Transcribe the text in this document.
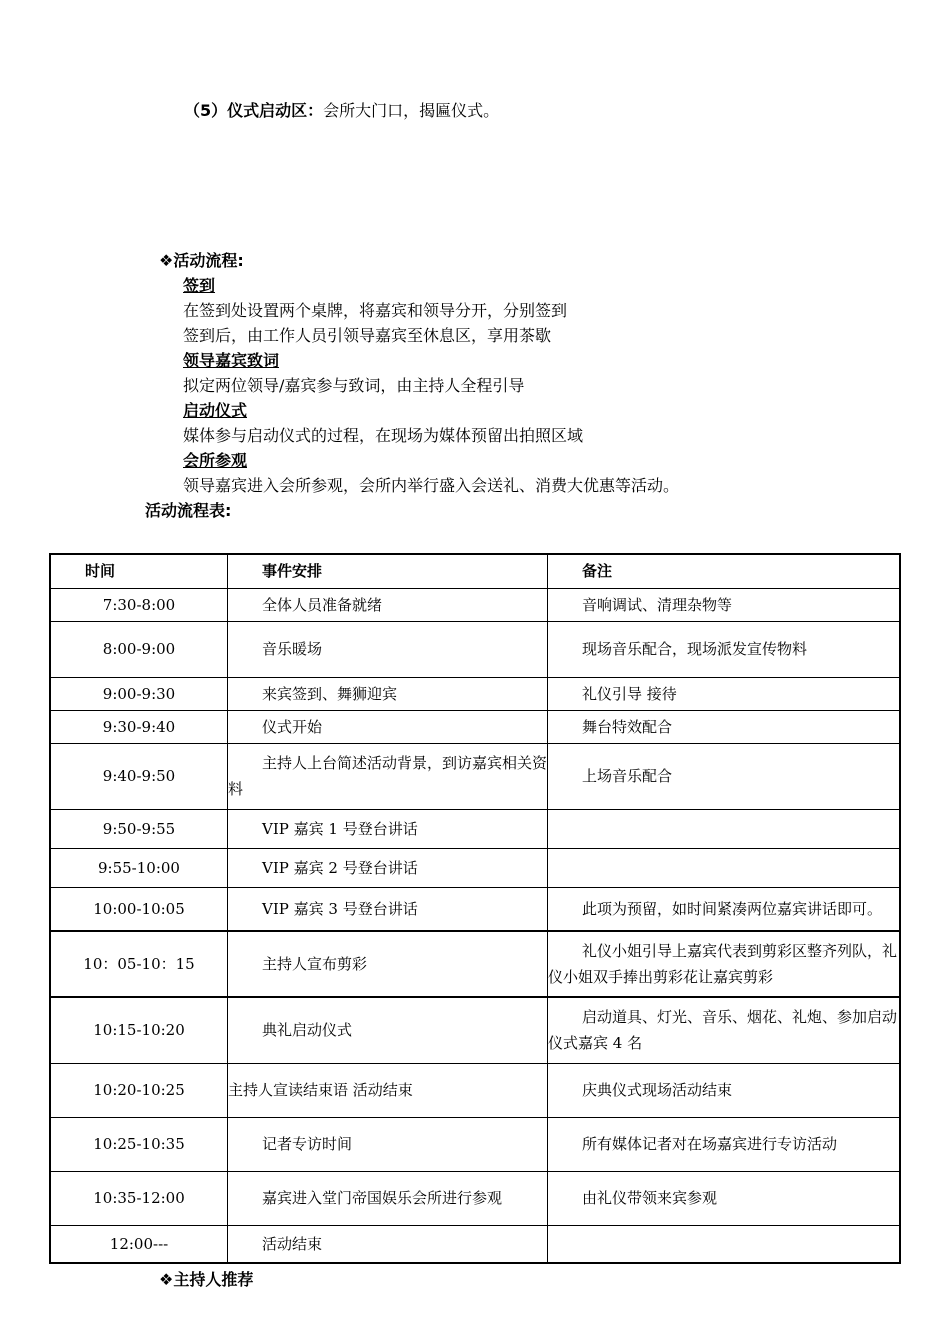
（5）仪式启动区：会所大门口，揭匾仪式。
❖活动流程:
签到
在签到处设置两个桌牌，将嘉宾和领导分开，分别签到
签到后，由工作人员引领导嘉宾至休息区，享用茶歇
领导嘉宾致词
拟定两位领导/嘉宾参与致词，由主持人全程引导
启动仪式
媒体参与启动仪式的过程，在现场为媒体预留出拍照区域
会所参观
领导嘉宾进入会所参观，会所内举行盛入会送礼、消费大优惠等活动。
活动流程表:
时间	事件安排	备注
7:30-8:00	全体人员准备就绪	音响调试、清理杂物等
8:00-9:00	音乐暖场	现场音乐配合，现场派发宣传物料
9:00-9:30	来宾签到、舞狮迎宾	礼仪引导 接待
9:30-9:40	仪式开始	舞台特效配合
9:40-9:50	主持人上台简述活动背景，到访嘉宾相关资料	上场音乐配合
9:50-9:55	VIP 嘉宾 1 号登台讲话	
9:55-10:00	VIP 嘉宾 2 号登台讲话	
10:00-10:05	VIP 嘉宾 3 号登台讲话	此项为预留，如时间紧凑两位嘉宾讲话即可。
10：05-10：15	主持人宣布剪彩	礼仪小姐引导上嘉宾代表到剪彩区整齐列队，礼仪小姐双手捧出剪彩花让嘉宾剪彩
10:15-10:20	典礼启动仪式	启动道具、灯光、音乐、烟花、礼炮、参加启动仪式嘉宾 4 名
10:20-10:25	主持人宣读结束语 活动结束	庆典仪式现场活动结束
10:25-10:35	记者专访时间	所有媒体记者对在场嘉宾进行专访活动
10:35-12:00	嘉宾进入堂门帝国娱乐会所进行参观	由礼仪带领来宾参观
12:00---	活动结束	
❖主持人推荐
